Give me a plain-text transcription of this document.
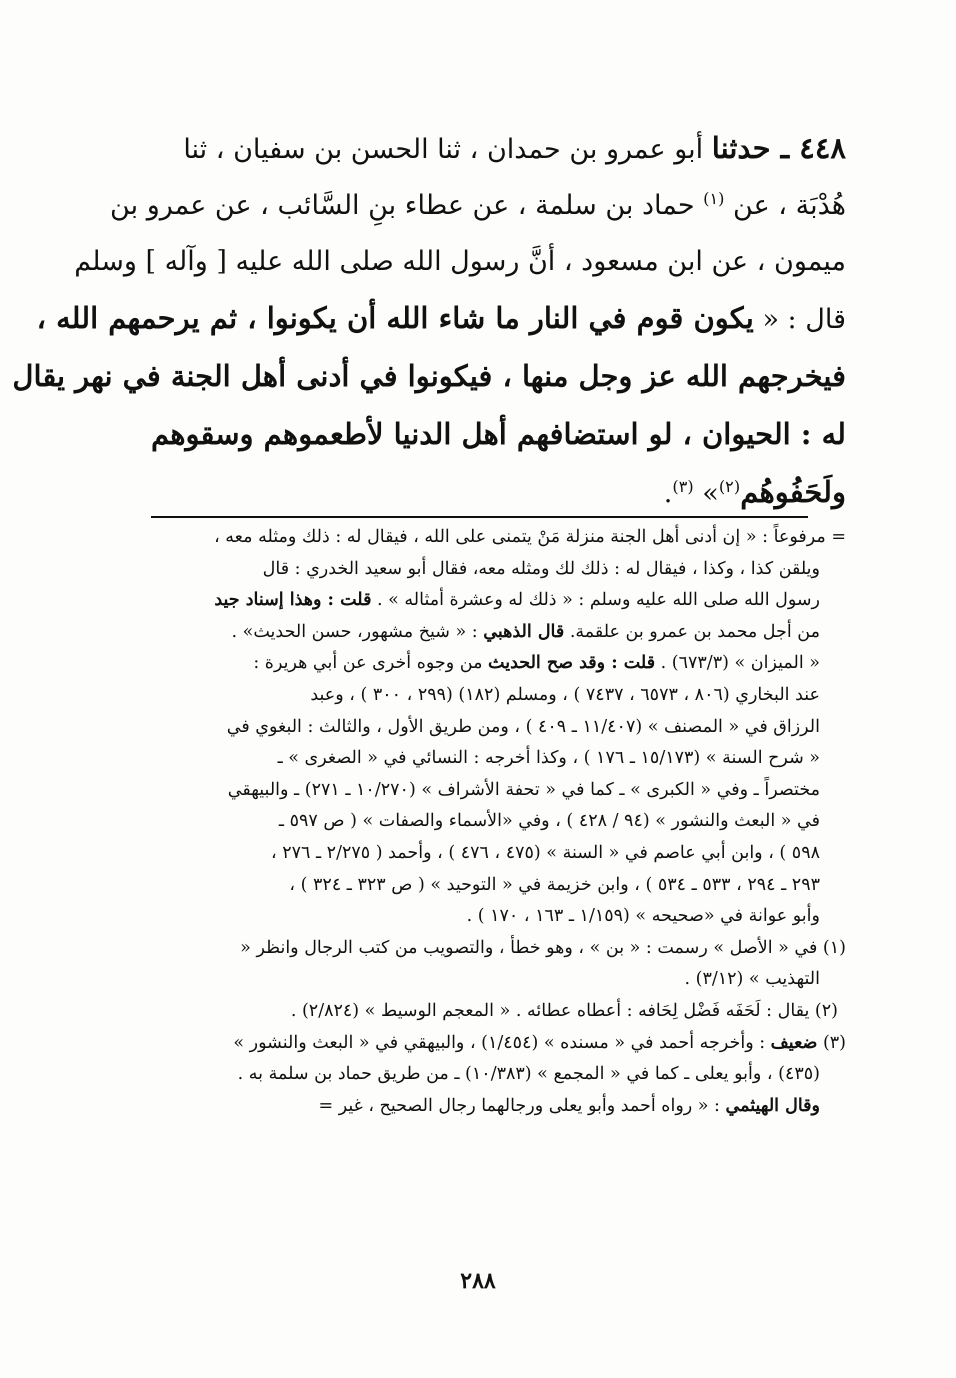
٤٤٨ ـ حدثنا أبو عمرو بن حمدان ، ثنا الحسن بن سفيان ، ثنا

هُدْبَة ، عن $^{(١)}$ حماد بن سلمة ، عن عطاء بنِ السَّائب ، عن عمرو بن

ميمون ، عن ابن مسعود ، أنَّ رسول الله صلى الله عليه [ وآله ] وسلم

قال : « يكون قوم في النار ما شاء الله أن يكونوا ، ثم يرحمهم الله ،

فيخرجهم الله عز وجل منها ، فيكونوا في أدنى أهل الجنة في نهر يقال

له : الحيوان ، لو استضافهم أهل الدنيا لأطعموهم وسقوهم

ولَحَفُوهُم$^{(٢)}$» $^{(٣)}$.

= مرفوعاً : « إن أدنى أهل الجنة منزلة مَنْ يتمنى على الله ، فيقال له : ذلك ومثله معه ،

ويلقن كذا ، وكذا ، فيقال له : ذلك لك ومثله معه، فقال أبو سعيد الخدري : قال

رسول الله صلى الله عليه وسلم : « ذلك له وعشرة أمثاله » . قلت : وهذا إسناد جيد

من أجل محمد بن عمرو بن علقمة. قال الذهبي : « شيخ مشهور، حسن الحديث» .

« الميزان » (٦٧٣/٣) . قلت : وقد صح الحديث من وجوه أخرى عن أبي هريرة :

عند البخاري (٨٠٦ ، ٦٥٧٣ ، ٧٤٣٧ ) ، ومسلم (١٨٢) (٢٩٩ ، ٣٠٠ ) ، وعبد

الرزاق في « المصنف » (١١/٤٠٧ ـ ٤٠٩ ) ، ومن طريق الأول ، والثالث : البغوي في

« شرح السنة » (١٥/١٧٣ ـ ١٧٦ ) ، وكذا أخرجه : النسائي في « الصغرى » ـ

مختصراً ـ وفي « الكبرى » ـ كما في « تحفة الأشراف » (١٠/٢٧٠ ـ ٢٧١) ـ والبيهقي

في « البعث والنشور » (٩٤ / ٤٢٨ ) ، وفي «الأسماء والصفات » ( ص ٥٩٧ ـ

٥٩٨ ) ، وابن أبي عاصم في « السنة » (٤٧٥ ، ٤٧٦ ) ، وأحمد ( ٢/٢٧٥ ـ ٢٧٦ ،

٢٩٣ ـ ٢٩٤ ، ٥٣٣ ـ ٥٣٤ ) ، وابن خزيمة في « التوحيد » ( ص ٣٢٣ ـ ٣٢٤ ) ،

وأبو عوانة في «صحيحه » (١/١٥٩ ـ ١٦٣ ، ١٧٠ ) .

(١) في « الأصل » رسمت : « بن » ، وهو خطأ ، والتصويب من كتب الرجال وانظر «

التهذيب » (٣/١٢) .

(٢) يقال : لَحَفَه فَضْل لِحَافه : أعطاه عطائه . « المعجم الوسيط » (٢/٨٢٤) .

(٣) ضعيف : وأخرجه أحمد في « مسنده » (١/٤٥٤) ، والبيهقي في « البعث والنشور »

(٤٣٥) ، وأبو يعلى ـ كما في « المجمع » (١٠/٣٨٣) ـ من طريق حماد بن سلمة به .

وقال الهيثمي : « رواه أحمد وأبو يعلى ورجالهما رجال الصحيح ، غير =

٢٨٨
